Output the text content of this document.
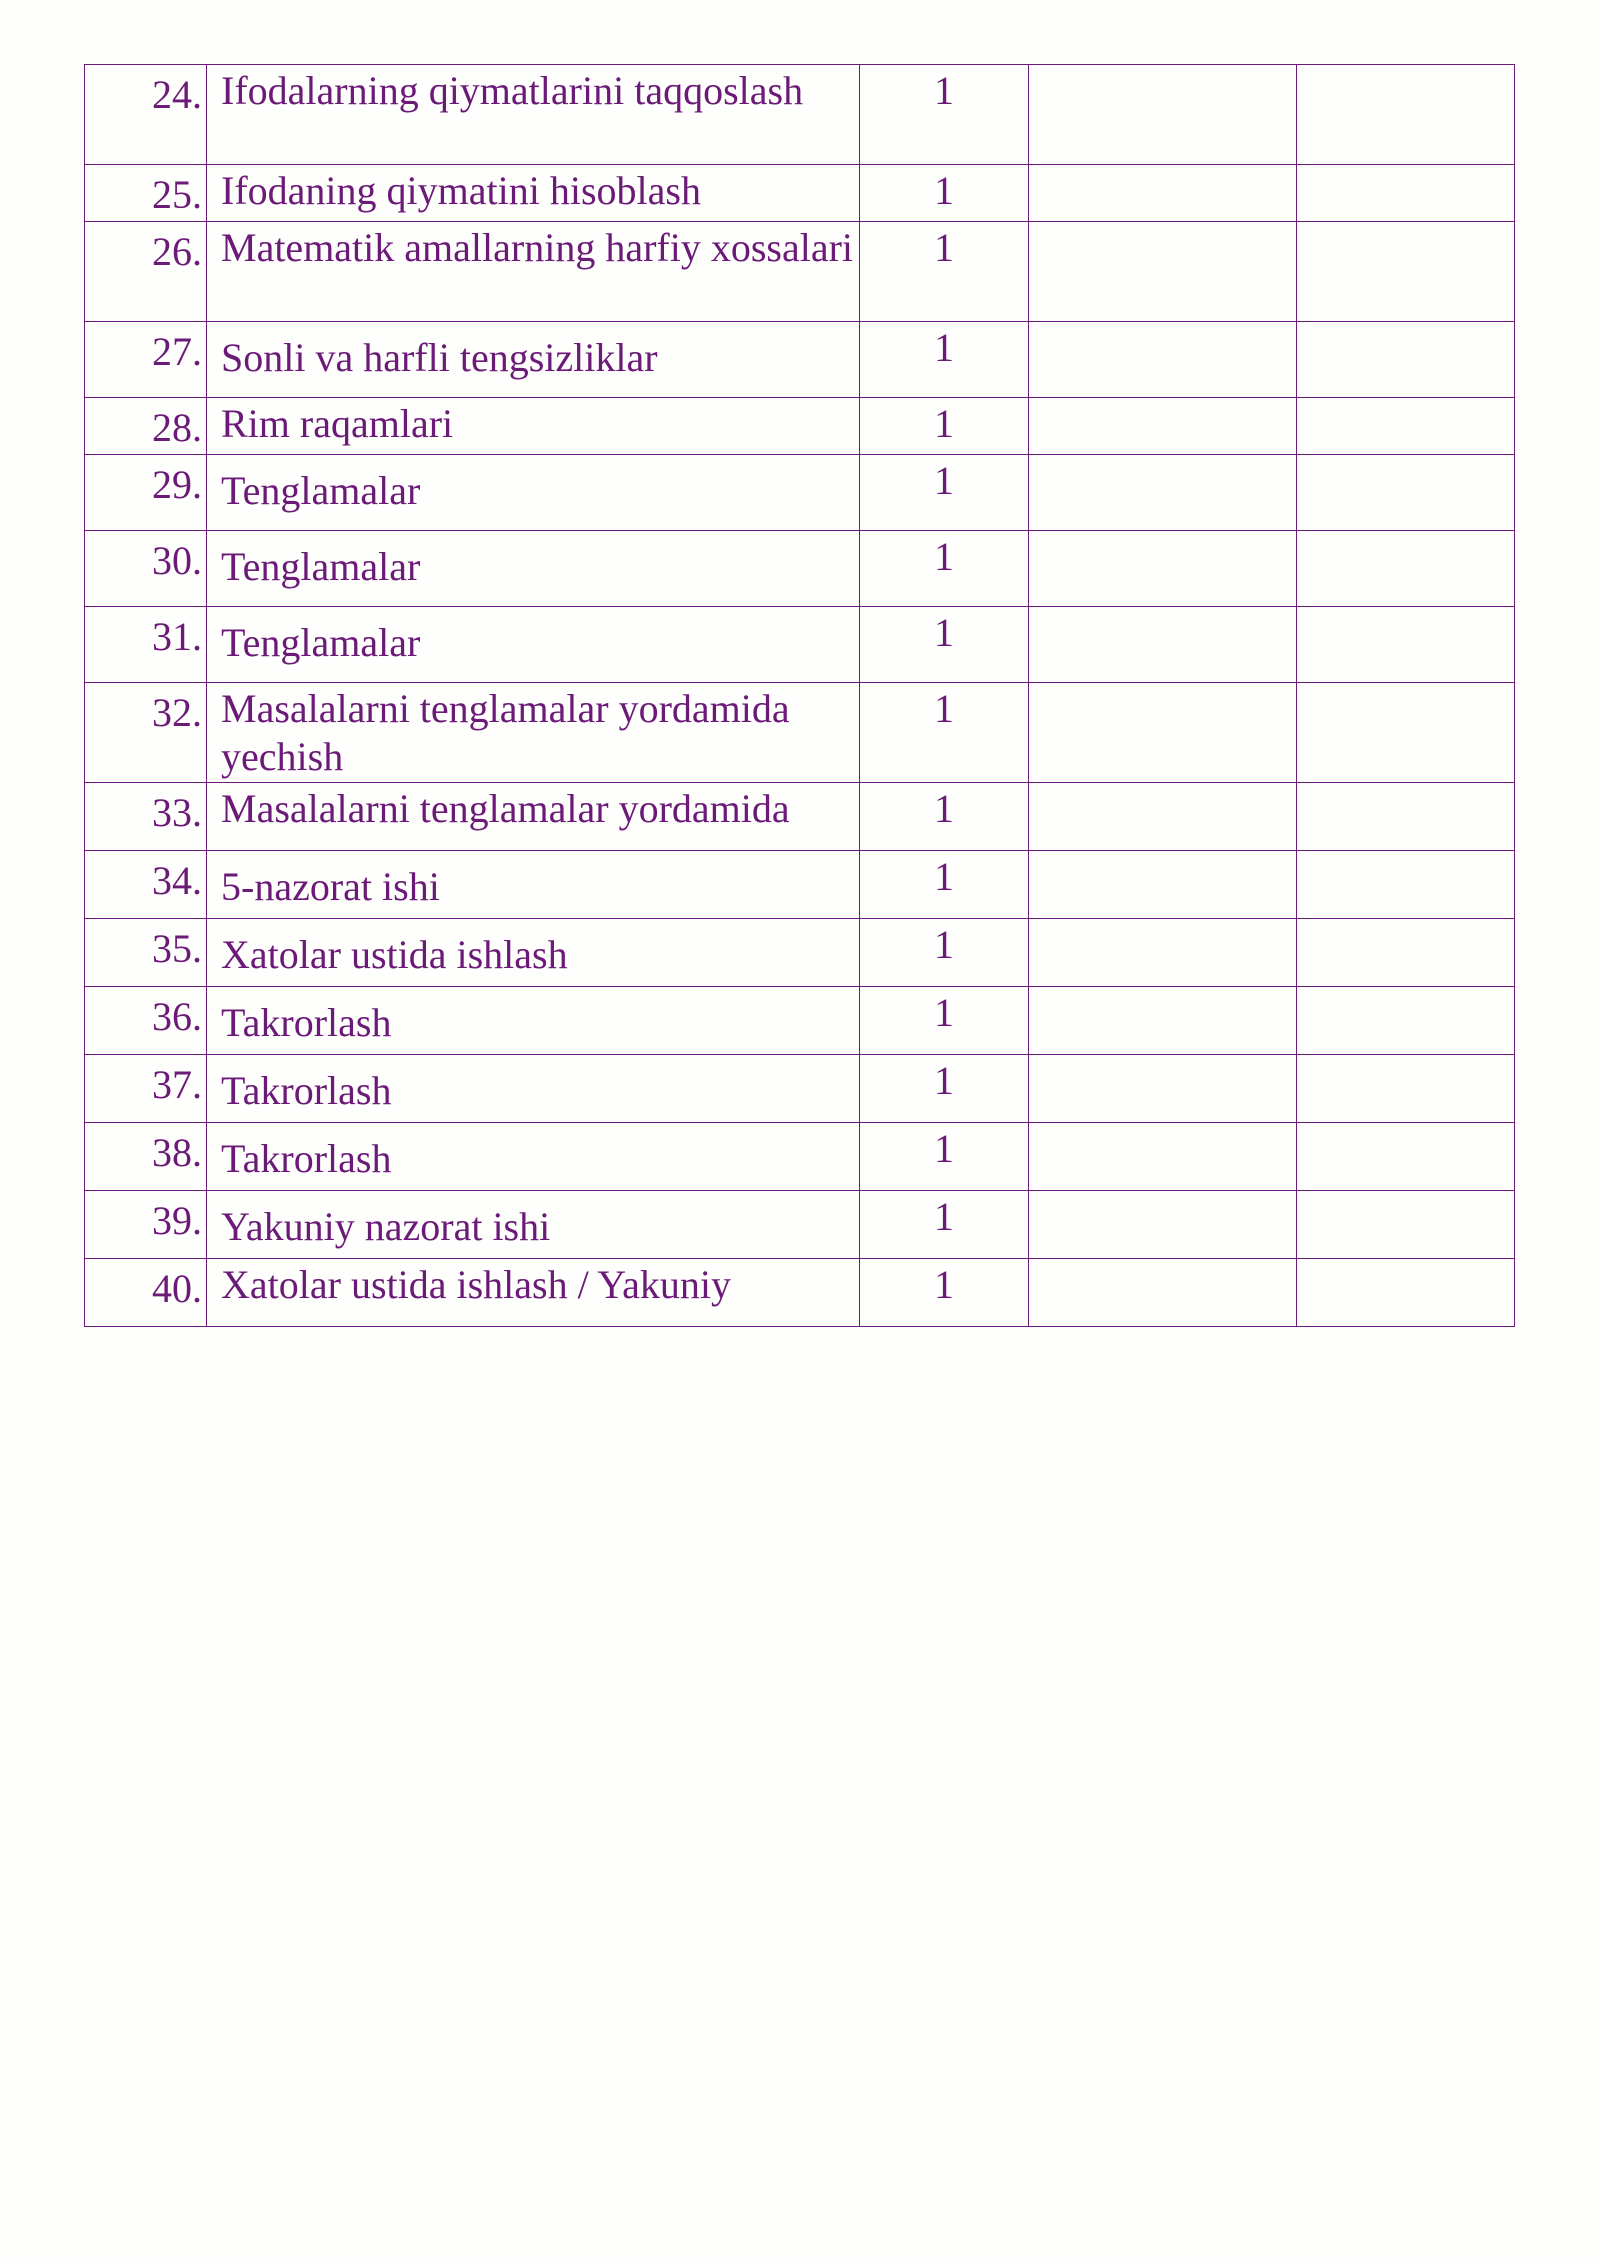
24.	Ifodalarning qiymatlarini taqqoslash	1		
25.	Ifodaning qiymatini hisoblash	1		
26.	Matematik amallarning harfiy xossalari	1		
27.	Sonli va harfli tengsizliklar	1		
28.	Rim raqamlari	1		
29.	Tenglamalar	1		
30.	Tenglamalar	1		
31.	Tenglamalar	1		
32.	Masalalarni tenglamalar yordamida yechish	1		
33.	Masalalarni tenglamalar yordamida	1		
34.	5-nazorat ishi	1		
35.	Xatolar ustida ishlash	1		
36.	Takrorlash	1		
37.	Takrorlash	1		
38.	Takrorlash	1		
39.	Yakuniy nazorat ishi	1		
40.	Xatolar ustida ishlash / Yakuniy	1		
